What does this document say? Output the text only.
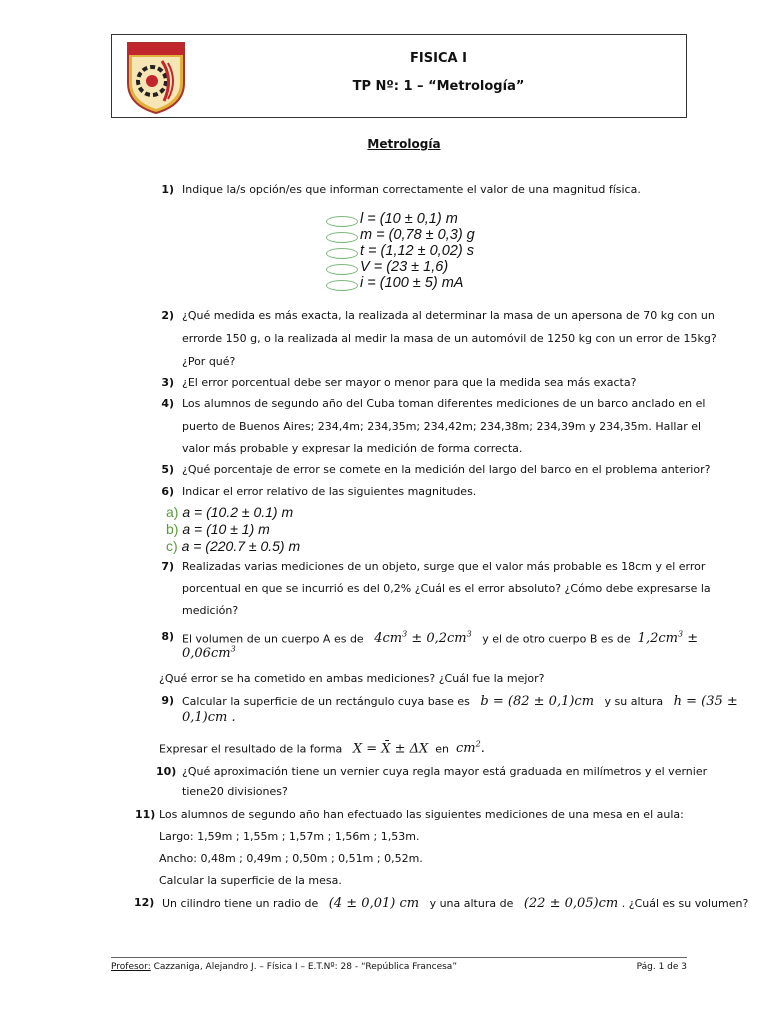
FISICA I
TP Nº: 1 – “Metrología”
Metrología
1) Indique la/s opción/es que informan correctamente el valor de una magnitud física.
l = (10 ± 0,1) m
m = (0,78 ± 0,3) g
t = (1,12 ± 0,02) s
V = (23 ± 1,6)
i = (100 ± 5) mA
2) ¿Qué medida es más exacta, la realizada al determinar la masa de un apersona de 70 kg con un
errorde 150 g, o la realizada al medir la masa de un automóvil de 1250 kg con un error de 15kg?
¿Por qué?
3) ¿El error porcentual debe ser mayor o menor para que la medida sea más exacta?
4) Los alumnos de segundo año del Cuba toman diferentes mediciones de un barco anclado en el
puerto de Buenos Aires; 234,4m; 234,35m; 234,42m; 234,38m; 234,39m y 234,35m. Hallar el
valor más probable y expresar la medición de forma correcta.
5) ¿Qué porcentaje de error se comete en la medición del largo del barco en el problema anterior?
6) Indicar el error relativo de las siguientes magnitudes.
a) a = (10.2 ± 0.1) m
b) a = (10 ± 1) m
c) a = (220.7 ± 0.5) m
7) Realizadas varias mediciones de un objeto, surge que el valor más probable es 18cm y el error
porcentual en que se incurrió es del 0,2% ¿Cuál es el error absoluto? ¿Cómo debe expresarse la
medición?
8) El volumen de un cuerpo A es de $4cm^3 \pm 0,2cm^3$ y el de otro cuerpo B es de $1,2cm^3$ ±
$0,06cm^3$
¿Qué error se ha cometido en ambas mediciones? ¿Cuál fue la mejor?
9) Calcular la superficie de un rectángulo cuya base es b = (82 ± 0,1)cm y su altura h = (35 ±
0,1)cm .
Expresar el resultado de la forma X = X̄ ± ΔX en $cm^2$.
10) ¿Qué aproximación tiene un vernier cuya regla mayor está graduada en milímetros y el vernier
tiene20 divisiones?
11) Los alumnos de segundo año han efectuado las siguientes mediciones de una mesa en el aula:
Largo: 1,59m ; 1,55m ; 1,57m ; 1,56m ; 1,53m.
Ancho: 0,48m ; 0,49m ; 0,50m ; 0,51m ; 0,52m.
Calcular la superficie de la mesa.
12) Un cilindro tiene un radio de (4 ± 0,01) cm y una altura de (22 ± 0,05)cm . ¿Cuál es su volumen?
Profesor: Cazzaniga, Alejandro J. – Física I – E.T.Nº: 28 - “República Francesa”	Pág. 1 de 3
